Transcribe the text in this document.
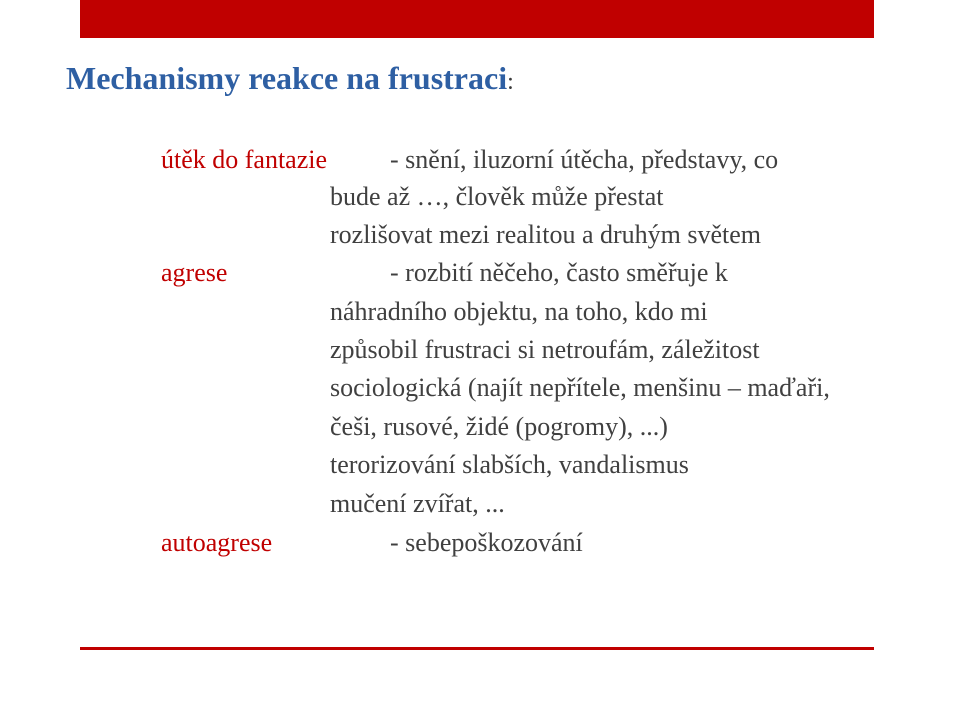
Mechanismy reakce na frustraci:
útěk do fantazie - snění, iluzorní útěcha, představy, co
bude až …, člověk může přestat
rozlišovat mezi realitou a druhým světem
agrese	- rozbití něčeho, často směřuje k
náhradního objektu, na toho, kdo mi
způsobil frustraci si netroufám, záležitost
sociologická (najít nepřítele, menšinu – maďaři,
češi, rusové, židé (pogromy), ...)
terorizování slabších, vandalismus
mučení zvířat, ...
autoagrese	- sebepoškozování
